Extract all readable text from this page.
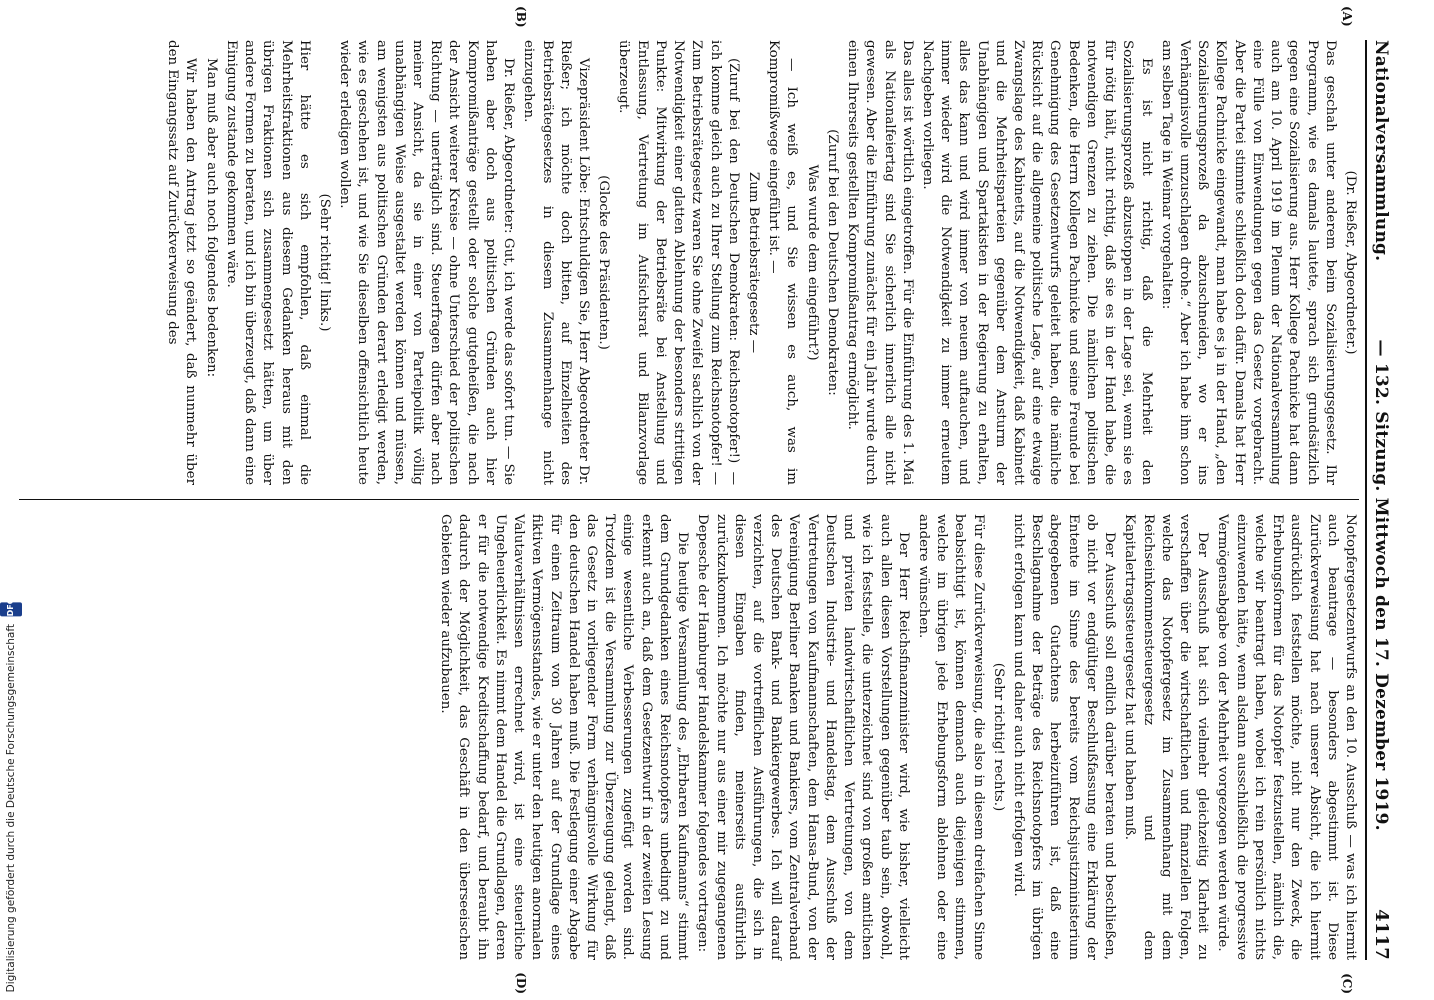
Nationalversammlung.
— 132. Sitzung. Mittwoch den 17. Dezember 1919.
4117
(A)
(B)

(Dr. Rießer, Abgeordneter.)

Das geschah unter anderem beim Sozialisierungsgesetz. Ihr Programm, wie es damals lautete, sprach sich grundsätzlich gegen eine Sozialisierung aus. Herr Kollege Pachnicke hat dann auch am 10. April 1919 im Plenum der Nationalversammlung eine Fülle von Einwendungen gegen das Gesetz vorgebracht. Aber die Partei stimmte schließlich doch dafür. Damals hat Herr Kollege Pachnicke eingewandt, man habe es ja in der Hand, „den Sozialisierungsprozeß da abzuschneiden, wo er ins Verhängnisvolle umzuschlagen drohe.“ Aber ich habe ihm schon am selben Tage in Weimar vorgehalten:

Es ist nicht richtig, daß die Mehrheit den Sozialisierungsprozeß abzustoppen in der Lage sei, wenn sie es für nötig hält, nicht richtig, daß sie es in der Hand habe, die notwendigen Grenzen zu ziehen. Die nämlichen politischen Bedenken, die Herrn Kollegen Pachnicke und seine Freunde bei Genehmigung des Gesetzentwurfs geleitet haben, die nämliche Rücksicht auf die allgemeine politische Lage, auf eine etwaige Zwangslage des Kabinetts, auf die Notwendigkeit, daß Kabinett und die Mehrheitsparteien gegenüber dem Ansturm der Unabhängigen und Spartakisten in der Regierung zu erhalten, alles das kann und wird immer von neuem auftauchen, und immer wieder wird die Notwendigkeit zu immer erneutem Nachgeben vorliegen.

Das alles ist wörtlich eingetroffen. Für die Einführung des 1. Mai als Nationalfeiertag sind Sie sicherlich innerlich alle nicht gewesen. Aber die Einführung zunächst für ein Jahr wurde durch einen Ihrerseits gestellten Kompromißantrag ermöglicht.

(Zuruf bei den Deutschen Demokraten:

Was wurde dem eingeführt?)

— Ich weiß es, und Sie wissen es auch, was im Kompromißwege eingeführt ist. —

Zum Betriebsrätegesetz —

(Zuruf bei den Deutschen Demokraten: Reichsnotopfer!) — ich komme gleich auch zu Ihrer Stellung zum Reichsnotopfer! — Zum Betriebsrätegesetz waren Sie ohne Zweifel sachlich von der Notwendigkeit einer glatten Ablehnung der besonders strittigen Punkte: Mitwirkung der Betriebsräte bei Anstellung und Entlassung, Vertretung im Aufsichtsrat und Bilanzvorlage überzeugt.

(Glocke des Präsidenten.)

Vizepräsident Löbe: Entschuldigen Sie, Herr Abgeordneter Dr. Rießer; ich möchte doch bitten, auf Einzelheiten des Betriebsrätegesetzes in diesem Zusammenhange nicht einzugehen.

Dr. Rießer, Abgeordneter: Gut, ich werde das sofort tun. — Sie haben aber doch aus politischen Gründen auch hier Kompromißanträge gestellt oder solche gutgeheißen, die nach der Ansicht weiterer Kreise — ohne Unterschied der politischen Richtung — unerträglich sind. Steuerfragen dürfen aber nach meiner Ansicht, da sie in einer von Parteipolitik völlig unabhängigen Weise ausgestaltet werden können und müssen, am wenigsten aus politischen Gründen derart erledigt werden, wie es geschehen ist, und wie Sie dieselben offensichtlich heute wieder erledigen wollen.

(Sehr richtig! links.)

Hier hätte es sich empfohlen, daß einmal die Mehrheitsfraktionen aus diesem Gedanken heraus mit den übrigen Fraktionen sich zusammengesetzt hätten, um über andere Formen zu beraten, und ich bin überzeugt, daß dann eine Einigung zustande gekommen wäre.

Man muß aber auch noch folgendes bedenken:

Wir haben den Antrag jetzt so geändert, daß nunmehr über den Eingangssatz auf Zurückverweisung des

(C)
(D)

Notopfergesetzentwurfs an den 10. Ausschuß — was ich hiermit auch beantrage — besonders abgestimmt ist. Diese Zurückverweisung hat nach unserer Absicht, die ich hiermit ausdrücklich feststellen möchte, nicht nur den Zweck, die Erhebungsformen für das Notopfer festzustellen, nämlich die, welche wir beantragt haben, wobei ich rein persönlich nichts einzuwenden hätte, wenn alsdann ausschließlich die progressive Vermögensabgabe von der Mehrheit vorgezogen werden würde.

Der Ausschuß hat sich vielmehr gleichzeitig Klarheit zu verschaffen über die wirtschaftlichen und finanziellen Folgen, welche das Notopfergesetz im Zusammenhang mit dem Reichseinkommensteuergesetz und dem Kapitalertragssteuergesetz hat und haben muß.

Der Ausschuß soll endlich darüber beraten und beschließen, ob nicht vor endgültiger Beschlußfassung eine Erklärung der Entente im Sinne des bereits vom Reichsjustizministerium abgegebenen Gutachtens herbeizuführen ist, daß eine Beschlagnahme der Beträge des Reichsnotopfers im übrigen nicht erfolgen kann und daher auch nicht erfolgen wird.

(Sehr richtig! rechts.)

Für diese Zurückverweisung, die also in diesem dreifachen Sinne beabsichtigt ist, können demnach auch diejenigen stimmen, welche im übrigen jede Erhebungsform ablehnen oder eine andere wünschen.

Der Herr Reichsfinanzminister wird, wie bisher, vielleicht auch allen diesen Vorstellungen gegenüber taub sein, obwohl, wie ich feststelle, die unterzeichnet sind von großen amtlichen und privaten landwirtschaftlichen Vertretungen, von dem Deutschen Industrie- und Handelstag, dem Ausschuß der Vertretungen von Kaufmannschaften, dem Hansa-Bund, von der Vereinigung Berliner Banken und Bankiers, vom Zentralverband des Deutschen Bank- und Bankiergewerbes. Ich will darauf verzichten, auf die vortrefflichen Ausführungen, die sich in diesen Eingaben finden, meinerseits ausführlich zurückzukommen. Ich möchte nur aus einer mir zugegangenen Depesche der Hamburger Handelskammer folgendes vortragen:

Die heutige Versammlung des „Ehrbaren Kaufmanns“ stimmt dem Grundgedanken eines Reichsnotopfers unbedingt zu und erkennt auch an, daß dem Gesetzentwurf in der zweiten Lesung einige wesentliche Verbesserungen zugefügt worden sind. Trotzdem ist die Versammlung zur Überzeugung gelangt, daß das Gesetz in vorliegender Form verhängnisvolle Wirkung für den deutschen Handel haben muß. Die Festlegung einer Abgabe für einen Zeitraum von 30 Jahren auf der Grundlage eines fiktiven Vermögensstandes, wie er unter den heutigen anormalen Valutaverhältnissen errechnet wird, ist eine steuerliche Ungeheuerlichkeit. Es nimmt dem Handel die Grundlagen, deren er für die notwendige Kreditschaffung bedarf, und beraubt ihn dadurch der Möglichkeit, das Geschäft in den überseeischen Gebieten wieder aufzubauen.

Digitalisierung gefördert durch die Deutsche Forschungsgemeinschaft
DFG
